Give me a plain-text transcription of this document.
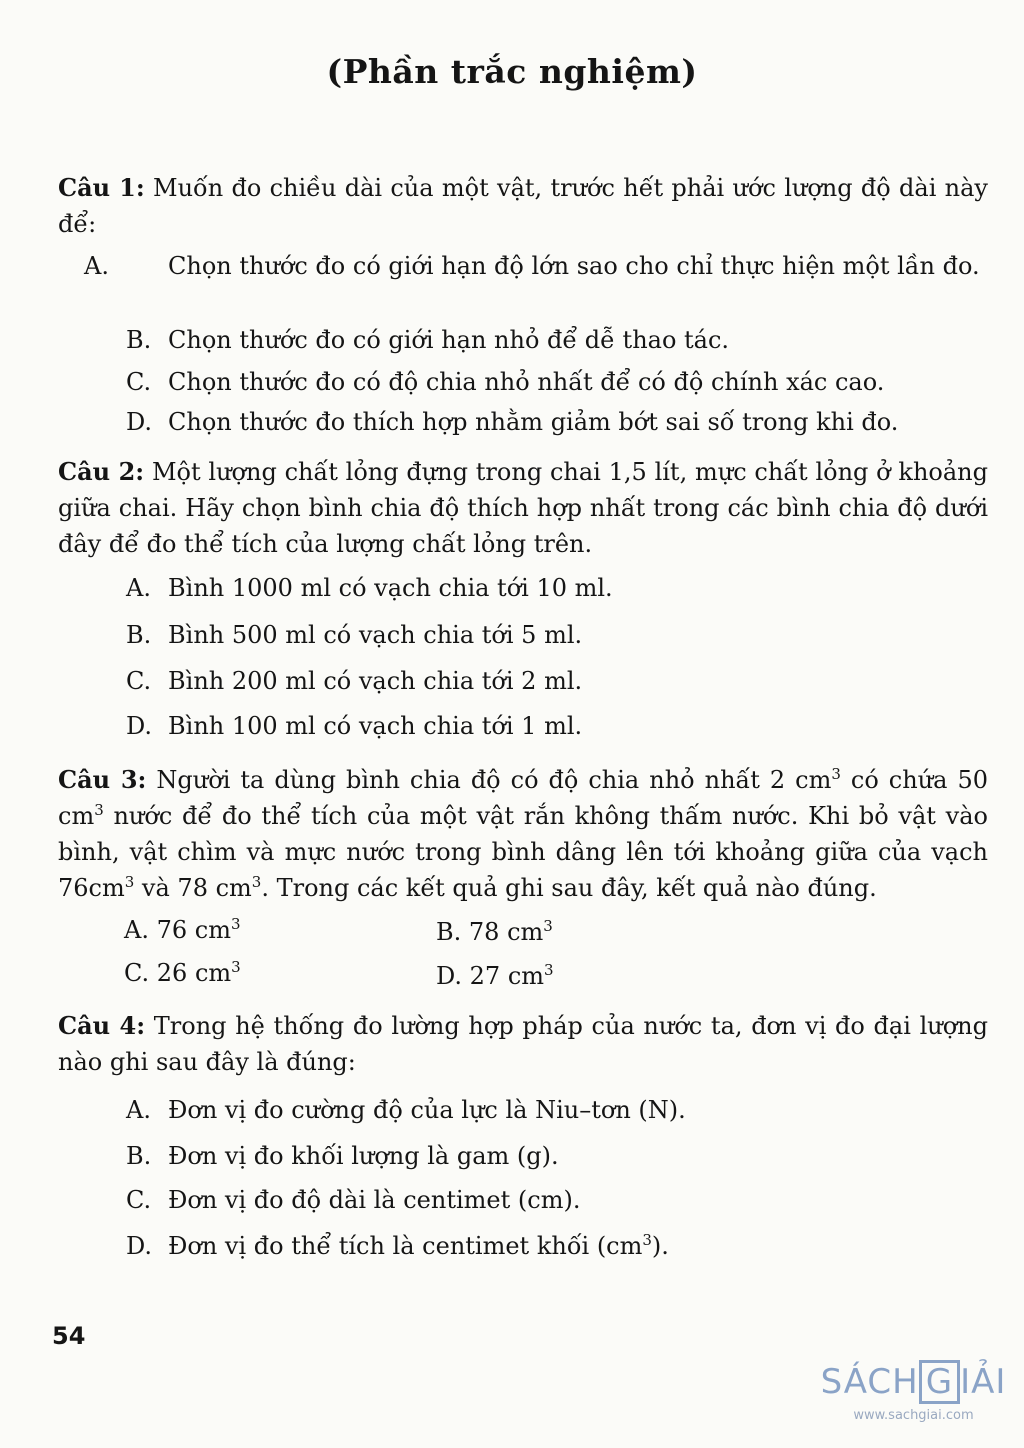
(Phần trắc nghiệm)
Câu 1: Muốn đo chiều dài của một vật, trước hết phải ước lượng độ dài này để:
A. Chọn thước đo có giới hạn độ lớn sao cho chỉ thực hiện một lần đo.
B. Chọn thước đo có giới hạn nhỏ để dễ thao tác.
C. Chọn thước đo có độ chia nhỏ nhất để có độ chính xác cao.
D. Chọn thước đo thích hợp nhằm giảm bớt sai số trong khi đo.
Câu 2: Một lượng chất lỏng đựng trong chai 1,5 lít, mực chất lỏng ở khoảng giữa chai. Hãy chọn bình chia độ thích hợp nhất trong các bình chia độ dưới đây để đo thể tích của lượng chất lỏng trên.
A. Bình 1000 ml có vạch chia tới 10 ml.
B. Bình 500 ml có vạch chia tới 5 ml.
C. Bình 200 ml có vạch chia tới 2 ml.
D. Bình 100 ml có vạch chia tới 1 ml.
Câu 3: Người ta dùng bình chia độ có độ chia nhỏ nhất 2 $cm^3$ có chứa 50 $cm^3$ nước để đo thể tích của một vật rắn không thấm nước. Khi bỏ vật vào bình, vật chìm và mực nước trong bình dâng lên tới khoảng giữa của vạch $76cm^3$ và 78 $cm^3$. Trong các kết quả ghi sau đây, kết quả nào đúng.
A. 76 $cm^3$	B. 78 $cm^3$
C. 26 $cm^3$	D. 27 $cm^3$
Câu 4: Trong hệ thống đo lường hợp pháp của nước ta, đơn vị đo đại lượng nào ghi sau đây là đúng:
A. Đơn vị đo cường độ của lực là Niu–tơn (N).
B. Đơn vị đo khối lượng là gam (g).
C. Đơn vị đo độ dài là centimet (cm).
D. Đơn vị đo thể tích là centimet khối $(cm^3)$.
54
SÁCH G IẢI
www.sachgiai.com
